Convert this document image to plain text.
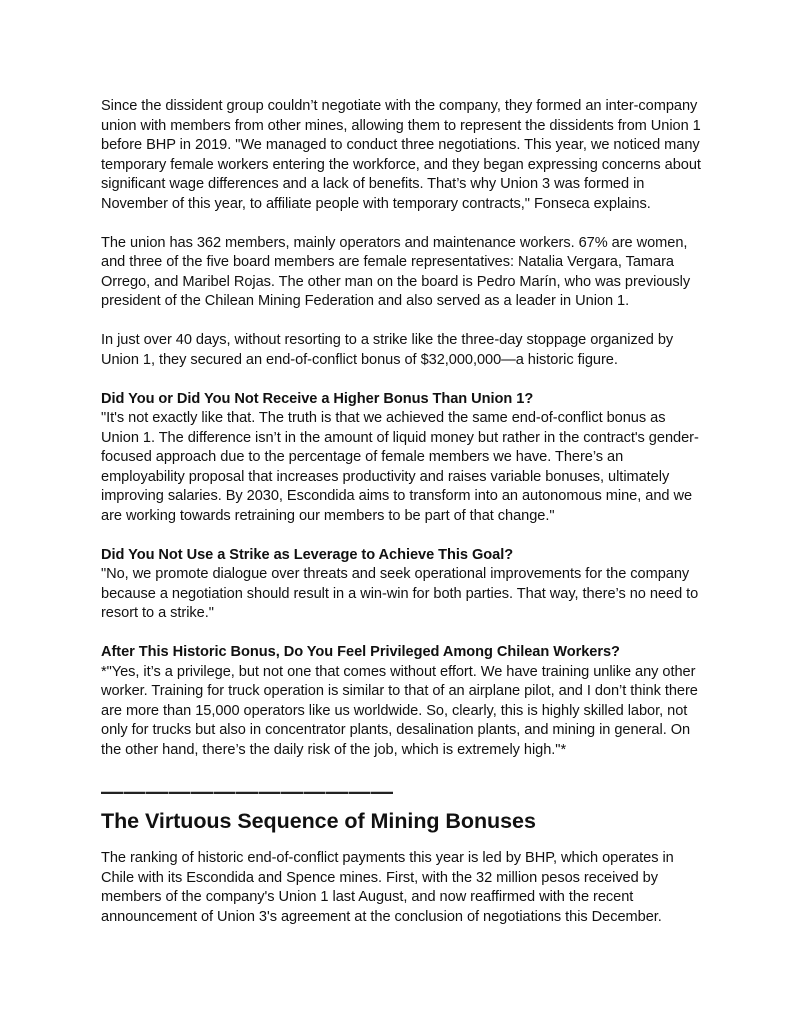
Since the dissident group couldn’t negotiate with the company, they formed an inter-company union with members from other mines, allowing them to represent the dissidents from Union 1 before BHP in 2019. "We managed to conduct three negotiations. This year, we noticed many temporary female workers entering the workforce, and they began expressing concerns about significant wage differences and a lack of benefits. That’s why Union 3 was formed in November of this year, to affiliate people with temporary contracts," Fonseca explains.

The union has 362 members, mainly operators and maintenance workers. 67% are women, and three of the five board members are female representatives: Natalia Vergara, Tamara Orrego, and Maribel Rojas. The other man on the board is Pedro Marín, who was previously president of the Chilean Mining Federation and also served as a leader in Union 1.

In just over 40 days, without resorting to a strike like the three-day stoppage organized by Union 1, they secured an end-of-conflict bonus of $32,000,000—a historic figure.

Did You or Did You Not Receive a Higher Bonus Than Union 1?
"It's not exactly like that. The truth is that we achieved the same end-of-conflict bonus as Union 1. The difference isn’t in the amount of liquid money but rather in the contract's gender-focused approach due to the percentage of female members we have. There’s an employability proposal that increases productivity and raises variable bonuses, ultimately improving salaries. By 2030, Escondida aims to transform into an autonomous mine, and we are working towards retraining our members to be part of that change."
Did You Not Use a Strike as Leverage to Achieve This Goal?
"No, we promote dialogue over threats and seek operational improvements for the company because a negotiation should result in a win-win for both parties. That way, there’s no need to resort to a strike."
After This Historic Bonus, Do You Feel Privileged Among Chilean Workers?
*"Yes, it’s a privilege, but not one that comes without effort. We have training unlike any other worker. Training for truck operation is similar to that of an airplane pilot, and I don’t think there are more than 15,000 operators like us worldwide. So, clearly, this is highly skilled labor, not only for trucks but also in concentrator plants, desalination plants, and mining in general. On the other hand, there’s the daily risk of the job, which is extremely high."*
—————————————
The Virtuous Sequence of Mining Bonuses

The ranking of historic end-of-conflict payments this year is led by BHP, which operates in Chile with its Escondida and Spence mines. First, with the 32 million pesos received by members of the company's Union 1 last August, and now reaffirmed with the recent announcement of Union 3's agreement at the conclusion of negotiations this December.
